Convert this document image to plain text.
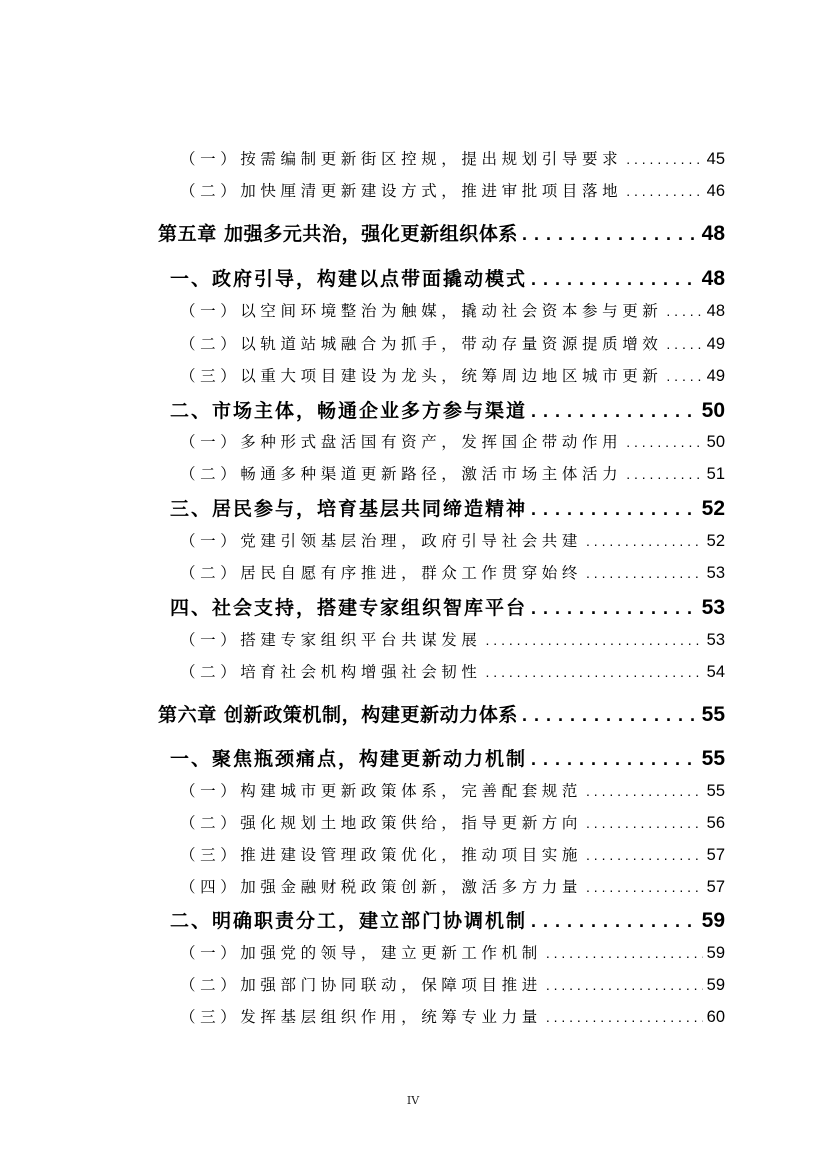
（一）按需编制更新街区控规，提出规划引导要求 . . .	45
（二）加快厘清更新建设方式，推进审批项目落地 . . .	46
第五章 加强多元共治，强化更新组织体系 . . .	48
一、政府引导，构建以点带面撬动模式 . . .	48
（一）以空间环境整治为触媒，撬动社会资本参与更新 . . .	48
（二）以轨道站城融合为抓手，带动存量资源提质增效 . . .	49
（三）以重大项目建设为龙头，统筹周边地区城市更新 . . .	49
二、市场主体，畅通企业多方参与渠道 . . .	50
（一）多种形式盘活国有资产，发挥国企带动作用 . . .	50
（二）畅通多种渠道更新路径，激活市场主体活力 . . .	51
三、居民参与，培育基层共同缔造精神 . . .	52
（一）党建引领基层治理，政府引导社会共建 . . .	52
（二）居民自愿有序推进，群众工作贯穿始终 . . .	53
四、社会支持，搭建专家组织智库平台 . . .	53
（一）搭建专家组织平台共谋发展 . . .	53
（二）培育社会机构增强社会韧性 . . .	54
第六章 创新政策机制，构建更新动力体系 . . .	55
一、聚焦瓶颈痛点，构建更新动力机制 . . .	55
（一）构建城市更新政策体系，完善配套规范 . . .	55
（二）强化规划土地政策供给，指导更新方向 . . .	56
（三）推进建设管理政策优化，推动项目实施 . . .	57
（四）加强金融财税政策创新，激活多方力量 . . .	57
二、明确职责分工，建立部门协调机制 . . .	59
（一）加强党的领导，建立更新工作机制 . . .	59
（二）加强部门协同联动，保障项目推进 . . .	59
（三）发挥基层组织作用，统筹专业力量 . . .	60
IV
